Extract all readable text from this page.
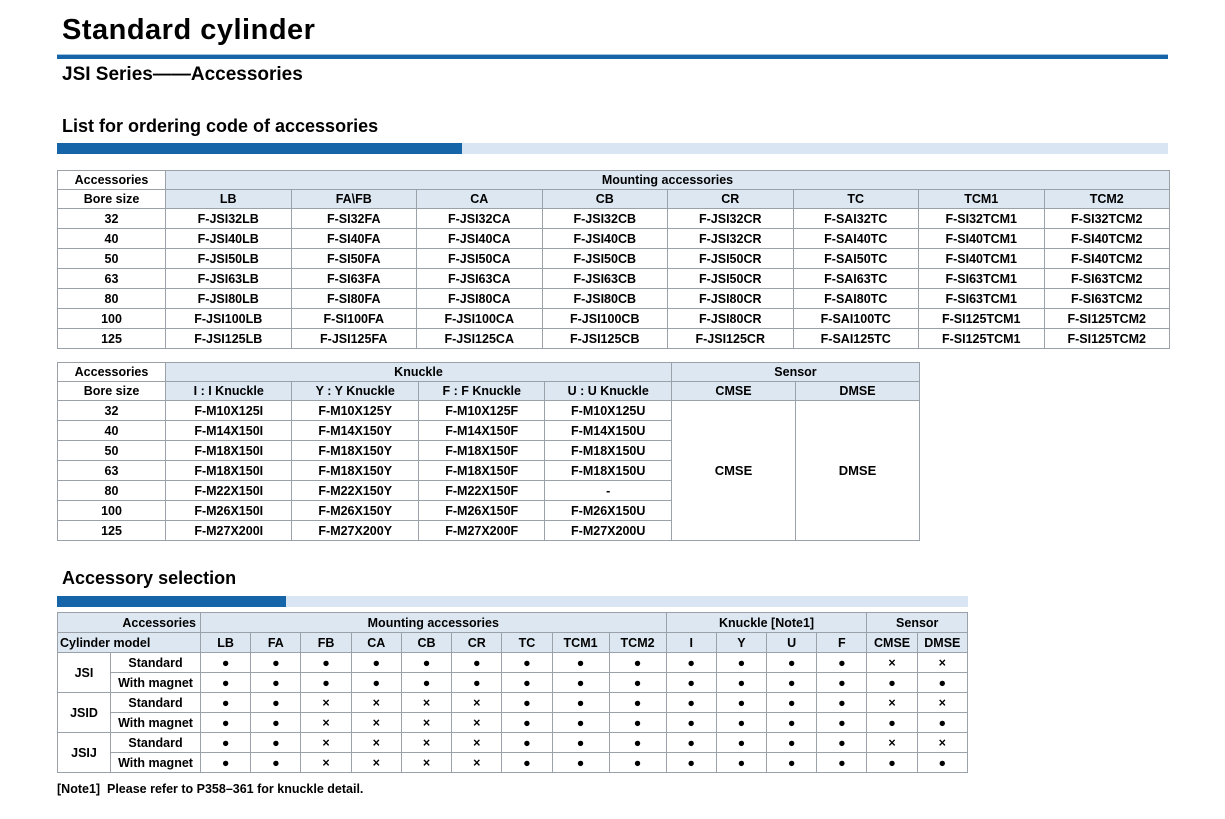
Standard cylinder
JSI Series——Accessories
List for ordering code of accessories
Accessories	Mounting accessories							
Bore size	LB	FA\FB	CA	CB	CR	TC	TCM1	TCM2
32	F-JSI32LB	F-SI32FA	F-JSI32CA	F-JSI32CB	F-JSI32CR	F-SAI32TC	F-SI32TCM1	F-SI32TCM2
40	F-JSI40LB	F-SI40FA	F-JSI40CA	F-JSI40CB	F-JSI32CR	F-SAI40TC	F-SI40TCM1	F-SI40TCM2
50	F-JSI50LB	F-SI50FA	F-JSI50CA	F-JSI50CB	F-JSI50CR	F-SAI50TC	F-SI40TCM1	F-SI40TCM2
63	F-JSI63LB	F-SI63FA	F-JSI63CA	F-JSI63CB	F-JSI50CR	F-SAI63TC	F-SI63TCM1	F-SI63TCM2
80	F-JSI80LB	F-SI80FA	F-JSI80CA	F-JSI80CB	F-JSI80CR	F-SAI80TC	F-SI63TCM1	F-SI63TCM2
100	F-JSI100LB	F-SI100FA	F-JSI100CA	F-JSI100CB	F-JSI80CR	F-SAI100TC	F-SI125TCM1	F-SI125TCM2
125	F-JSI125LB	F-JSI125FA	F-JSI125CA	F-JSI125CB	F-JSI125CR	F-SAI125TC	F-SI125TCM1	F-SI125TCM2
Accessories	Knuckle				Sensor	
Bore size	I : I Knuckle	Y : Y Knuckle	F : F Knuckle	U : U Knuckle	CMSE	DMSE
32	F-M10X125I	F-M10X125Y	F-M10X125F	F-M10X125U	CMSE	DMSE
40	F-M14X150I	F-M14X150Y	F-M14X150F	F-M14X150U		
50	F-M18X150I	F-M18X150Y	F-M18X150F	F-M18X150U		
63	F-M18X150I	F-M18X150Y	F-M18X150F	F-M18X150U		
80	F-M22X150I	F-M22X150Y	F-M22X150F	-		
100	F-M26X150I	F-M26X150Y	F-M26X150F	F-M26X150U		
125	F-M27X200I	F-M27X200Y	F-M27X200F	F-M27X200U		
Accessory selection
Accessories		Mounting accessories									Knuckle [Note1]				Sensor	
Cylinder model		LB	FA	FB	CA	CB	CR	TC	TCM1	TCM2	I	Y	U	F	CMSE	DMSE
JSI	Standard	●	●	●	●	●	●	●	●	●	●	●	●	●	×	×
	With magnet	●	●	●	●	●	●	●	●	●	●	●	●	●	●	●
JSID	Standard	●	●	×	×	×	×	●	●	●	●	●	●	●	×	×
	With magnet	●	●	×	×	×	×	●	●	●	●	●	●	●	●	●
JSIJ	Standard	●	●	×	×	×	×	●	●	●	●	●	●	●	×	×
	With magnet	●	●	×	×	×	×	●	●	●	●	●	●	●	●	●
[Note1]  Please refer to P358–361 for knuckle detail.
